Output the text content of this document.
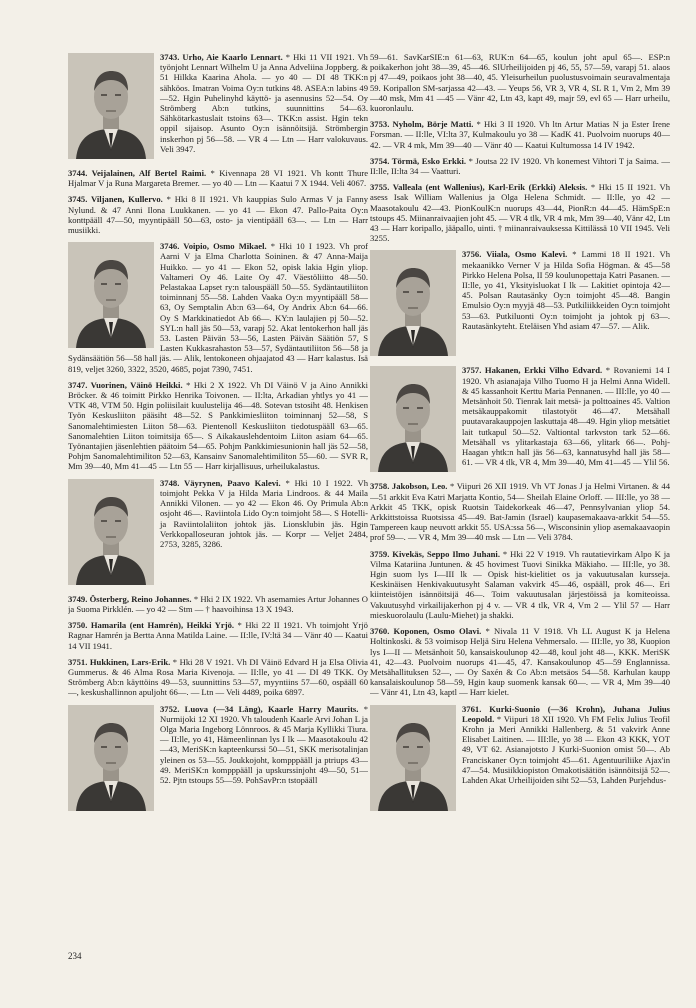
3743. Urho, Aie Kaarlo Lennart. * Hki 11 VII 1921. Vh työnjoht Lennart Wilhelm U ja Anna Adveliina Joppberg. & 51 Hilkka Kaarina Ahola. — yo 40 — DI 48 TKK:n sähköos. Imatran Voima Oy:n tutkins 48. ASEA:n labins 49—52. Hgin Puhelinyhd käyttö- ja asennusins 52—54. Oy Strömberg Ab:n tutkins, suunnittins 54—63. Sähkötarkastuslait tstoins 63—. TKK:n assist. Hgin tekn oppil sijaisop. Asunto Oy:n isännöitsijä. Strömbergin inskerhon pj 56—58. — VR 4 — Ltn — Harr valokuvaus. Veli 3947.
3744. Veijalainen, Alf Bertel Raimi. * Kivennapa 28 VI 1921. Vh kontt Thure Hjalmar V ja Runa Margareta Bremer. — yo 40 — Ltn — Kaatui 7 X 1944. Veli 4067.
3745. Viljanen, Kullervo. * Hki 8 II 1921. Vh kauppias Sulo Armas V ja Fanny Nylund. & 47 Anni Ilona Luukkanen. — yo 41 — Ekon 47. Pallo-Paita Oy:n konttpääll 47—50, myyntipääll 50—63, osto- ja vientipääll 63—. — Ltn — Harr musiikki.
3746. Voipio, Osmo Mikael. * Hki 10 I 1923. Vh prof Aarni V ja Elma Charlotta Soininen. & 47 Anna-Maija Huikko. — yo 41 — Ekon 52, opisk lakia Hgin yliop. Valtameri Oy 46. Laite Oy 47. Väestöliitto 48—50. Pelastakaa Lapset ry:n talouspääll 50—55. Sydäntautiliiton toiminnanj 55—58. Lahden Vaaka Oy:n myyntipääll 58—63, Oy Semptalin Ab:n 63—64, Oy Andrix Ab:n 64—66. Oy S Markkinatiedot Ab 66—. KY:n laulajien pj 50—52. SYL:n hall jäs 50—53, varapj 52. Akat lentokerhon hall jäs 53. Lasten Päivän 53—56, Lasten Päivän Säätiön 57, S Lasten Kukkasrahaston 53—57, Sydäntautiliiton 56—58 ja Sydänsäätiön 56—58 hall jäs. — Alik, lentokoneen ohjaajatod 43 — Harr kalastus. Isä 819, veljet 3260, 3322, 3520, 4685, pojat 7390, 7451.
3747. Vuorinen, Väinö Heikki. * Hki 2 X 1922. Vh DI Väinö V ja Aino Annikki Bröcker. & 46 toimitt Pirkko Henrika Toivonen. — II:lta, Arkadian yhtlys yo 41 — VTK 48, VTM 50. Hgin poliisilait kuulustelija 46—48. Sotevan tstosiht 48. Henkisen Työn Keskusliiton pääsiht 48—52. S Pankkimiesliiton toiminnanj 52—58, S Sanomalehtimiesten Liiton 58—63. Pientenoll Keskusliiton tiedotuspääll 63—65. Sanomalehtien Liiton toimitsija 65—. S Aikakauslehdentoim Liiton asiam 64—65. Työnantajien jäsenlehtien päätoim 54—65. Pohjm Pankkimiesunionin hall jäs 52—58, Pohjm Sanomalehtimiliton 52—63, Kansainv Sanomalehtimiliton 55—60. — SVR R, Mm 39—40, Mm 41—45 — Ltn 55 — Harr kirjallisuus, urheilukalastus.
3748. Väyrynen, Paavo Kalevi. * Hki 10 I 1922. Vh toimjoht Pekka V ja Hilda Maria Lindroos. & 44 Maila Annikki Vilonen. — yo 42 — Ekon 46. Oy Primula Ab:n osjoht 46—. Raviintola Lido Oy:n toimjoht 58—. S Hotelli- ja Raviintolaliiton johtok jäs. Lionsklubin jäs. Hgin Verkkopalloseuran johtok jäs. — Korpr — Veljet 2484, 2753, 3285, 3286.
3749. Österberg, Reino Johannes. * Hki 2 IX 1922. Vh asemamies Artur Johannes O ja Suoma Pirkklén. — yo 42 — Stm — † haavoihinsa 13 X 1943.
3750. Hamarila (ent Hamrén), Heikki Yrjö. * Hki 22 II 1921. Vh toimjoht Yrjö Ragnar Hamrén ja Bertta Anna Matilda Laine. — II:lle, IV:ltä 34 — Vänr 40 — Kaatui 14 VII 1941.
3751. Hukkinen, Lars-Erik. * Hki 28 V 1921. Vh DI Väinö Edvard H ja Elsa Olivia Gummerus. & 46 Alma Rosa Maria Kivenoja. — II:lle, yo 41 — DI 49 TKK. Oy Strömberg Ab:n käyttöins 49—53, suunnittins 53—57, myyntiins 57—60, ospääll 60—, keskushallinnon apuljoht 66—. — Ltn — Veli 4489, poika 6897.
3752. Luova (—34 Lång), Kaarle Harry Maurits. * Nurmijoki 12 XI 1920. Vh taloudenh Kaarle Arvi Johan L ja Olga Maria Ingeborg Lönnroos. & 45 Marja Kyllikki Tiura. — II:lle, yo 41, Hämeenlinnan lys I lk — Maasotakoulu 42—43, MeriSK:n kapteenkurssi 50—51, SKK merisotalinjan yleinen os 53—55. Joukkojoht, kompppääll ja ptriups 43—49. MeriSK:n kompppääll ja upskurssinjoht 49—50, 51—52. Pjtn tstoups 55—59. PohSavPr:n tstopääll
59—61. SavKarSIE:n 61—63, RUK:n 64—65, koulun joht apul 65—. ESP:n poikakerhon joht 38—39, 45—46. SlUrheilijoiden pj 46, 55, 57—59, varapj 51. alaos pj 47—49, poikaos joht 38—40, 45. Yleisurheilun puolustusvoimain seuravalmentaja 59. Koripallon SM-sarjassa 42—43. — Yeups 56, VR 3, VR 4, SL R 1, Vm 2, Mm 39—40 msk, Mm 41 —45 — Vänr 42, Ltn 43, kapt 49, majr 59, evl 65 — Harr urheilu, kuoronlaulu.
3753. Nyholm, Börje Matti. * Hki 3 II 1920. Vh ltn Artur Matias N ja Ester Irene Forsman. — II:lle, VI:lta 37, Kulmakoulu yo 38 — KadK 41. Puolvoim nuorups 40—42. — VR 4 mk, Mm 39—40 — Vänr 40 — Kaatui Kultumossa 14 IV 1942.
3754. Törmä, Esko Erkki. * Joutsa 22 IV 1920. Vh konemest Vihtori T ja Saima. — II:lle, II:lta 34 — Vaatturi.
3755. Valleala (ent Wallenius), Karl-Erik (Erkki) Aleksis. * Hki 15 II 1921. Vh asess Isak William Wallenius ja Olga Helena Schmidt. — II:lle, yo 42 — Maasotakoulu 42—43. PionKoulK:n nuorups 43—44, PionR:n 44—45. HämSpE:n tstoups 45. Miinanraivaajien joht 45. — VR 4 tlk, VR 4 mk, Mm 39—40, Vänr 42, Ltn 43 — Harr koripallo, jääpallo, uinti. † miinanraivauksessa Kittilässä 10 VII 1945. Veli 3255.
3756. Viiala, Osmo Kalevi. * Lammi 18 II 1921. Vh mekaanikko Verner V ja Hilda Sofia Högman. & 45—58 Pirkko Helena Polsa, II 59 koulunopettaja Katri Pasanen. — II:lle, yo 41, Yksityisluokat I lk — Lakitiet opintoja 42—45. Polsan Rautasänky Oy:n toimjoht 45—48. Bangin Emulsio Oy:n myyjä 48—53. Putkiliikkeiden Oy:n toimjoht 53—63. Putkiluonti Oy:n toimjoht ja johtok pj 63—. Rautasänkyteht. Eteläisen Yhd asiam 47—57. — Alik.
3757. Hakanen, Erkki Vilho Edvard. * Rovaniemi 14 I 1920. Vh asianajaja Vilho Tuomo H ja Helmi Anna Widell. & 45 kassanhoit Kerttu Maria Pennanen. — III:lle, yo 40 — Metsänhoit 50. Tienrak lait metsä- ja polttoaines 45. Valtion metsäkauppakomit tilastotyöt 46—47. Metsähall puutavarakauppojen laskuttaja 48—49. Hgin yliop metsätiet lait tutkapul 50—52. Valtiontal tarkvston tark 52—66. Metsähall vs ylitarkastaja 63—66, ylitark 66—. Pohj-Haagan yhtk:n hall jäs 56—63, kannatusyhd hall jäs 58—61. — VR 4 tlk, VR 4, Mm 39—40, Mm 41—45 — Ylil 56.
3758. Jakobson, Leo. * Viipuri 26 XII 1919. Vh VT Jonas J ja Helmi Virtanen. & 44—51 arkkit Eva Katri Marjatta Kontio, 54— Sheilah Elaine Orloff. — III:lle, yo 38 — Arkkit 45 TKK, opisk Ruotsin Taidekorkeak 46—47, Pennsylvanian yliop 54. Arkkittstoissa Ruotsissa 45—49. Bat-Jamin (Israel) kaupasemakaava-arkkit 54—55. Tampereen kaup neuvott arkkit 55. USA:ssa 56—, Wisconsinin yliop asemakaavaopin prof 59—. — VR 4, Mm 39—40 msk — Ltn — Veli 3784.
3759. Kivekäs, Seppo Ilmo Juhani. * Hki 22 V 1919. Vh rautatievirkam Alpo K ja Vilma Katariina Juntunen. & 45 hovimest Tuovi Sinikka Mäkiaho. — III:lle, yo 38. Hgin suom lys I—III lk — Opisk hist-kielitiet os ja vakuutusalan kursseja. Keskinäisen Henkivakuutusyht Salaman vakvirk 45—46, ospääll, prok 46—. Eri kiinteistöjen isännöitsijä 46—. Toim vakuutusalan järjestöissä ja komiteoissa. Vakuutusyhd virkailijakerhon pj 4 v. — VR 4 tlk, VR 4, Vm 2 — Ylil 57 — Harr mieskuorolaulu (Laulu-Miehet) ja shakki.
3760. Koponen, Osmo Olavi. * Nivala 11 V 1918. Vh LL August K ja Helena Holtinkoski. & 53 voimisop Heljä Siru Helena Vehmersalo. — III:lle, yo 38, Kuopion lys I—II — Metsänhoit 50, kansaiskoulunop 42—48, koul joht 48—, KKK. MeriSK 41, 42—43. Puolvoim nuorups 41—45, 47. Kansakoulunop 45—59 Englannissa. Metsähallituksen 52—, — Oy Saxén & Co Ab:n metsäos 54—58. Karhulan kaupp kansalaiskoulunop 58—59, Hgin kaup suomenk kansak 60—. — VR 4, Mm 39—40 — Vänr 41, Ltn 43, kaptl — Harr kielet.
3761. Kurki-Suonio (—36 Krohn), Juhana Julius Leopold. * Viipuri 18 XII 1920. Vh FM Felix Julius Teofil Krohn ja Meri Annikki Hallenberg. & 51 vakvirk Anne Elisabet Laitinen. — III:lle, yo 38 — Ekon 43 KKK, YOT 49, VT 62. Asianajotsto J Kurki-Suonion omist 50—. Ab Franciskaner Oy:n toimjoht 45—61. Agentuuriliike Ajax'in 47—54. Musiikkiopiston Omakotisäätiön isännöitsijä 52—. Lahden Akat Urheilijoiden siht 52—53, Lahden Purjehdus-
234
